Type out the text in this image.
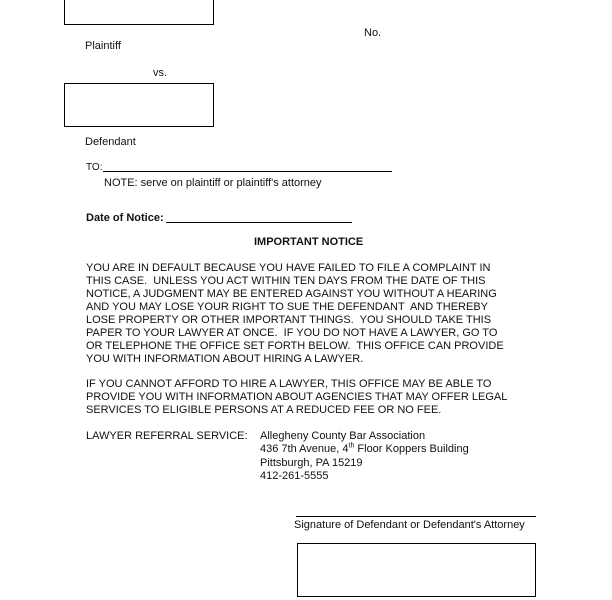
Plaintiff
No.
vs.
Defendant
TO:
NOTE: serve on plaintiff or plaintiff's attorney
Date of Notice:
IMPORTANT NOTICE
YOU ARE IN DEFAULT BECAUSE YOU HAVE FAILED TO FILE A COMPLAINT IN
THIS CASE.  UNLESS YOU ACT WITHIN TEN DAYS FROM THE DATE OF THIS
NOTICE, A JUDGMENT MAY BE ENTERED AGAINST YOU WITHOUT A HEARING
AND YOU MAY LOSE YOUR RIGHT TO SUE THE DEFENDANT  AND THEREBY
LOSE PROPERTY OR OTHER IMPORTANT THINGS.  YOU SHOULD TAKE THIS
PAPER TO YOUR LAWYER AT ONCE.  IF YOU DO NOT HAVE A LAWYER, GO TO
OR TELEPHONE THE OFFICE SET FORTH BELOW.  THIS OFFICE CAN PROVIDE
YOU WITH INFORMATION ABOUT HIRING A LAWYER.
IF YOU CANNOT AFFORD TO HIRE A LAWYER, THIS OFFICE MAY BE ABLE TO
PROVIDE YOU WITH INFORMATION ABOUT AGENCIES THAT MAY OFFER LEGAL
SERVICES TO ELIGIBLE PERSONS AT A REDUCED FEE OR NO FEE.
LAWYER REFERRAL SERVICE: Allegheny County Bar Association
436 7th Avenue, 4th Floor Koppers Building
Pittsburgh, PA 15219
412-261-5555
Signature of Defendant or Defendant's Attorney
